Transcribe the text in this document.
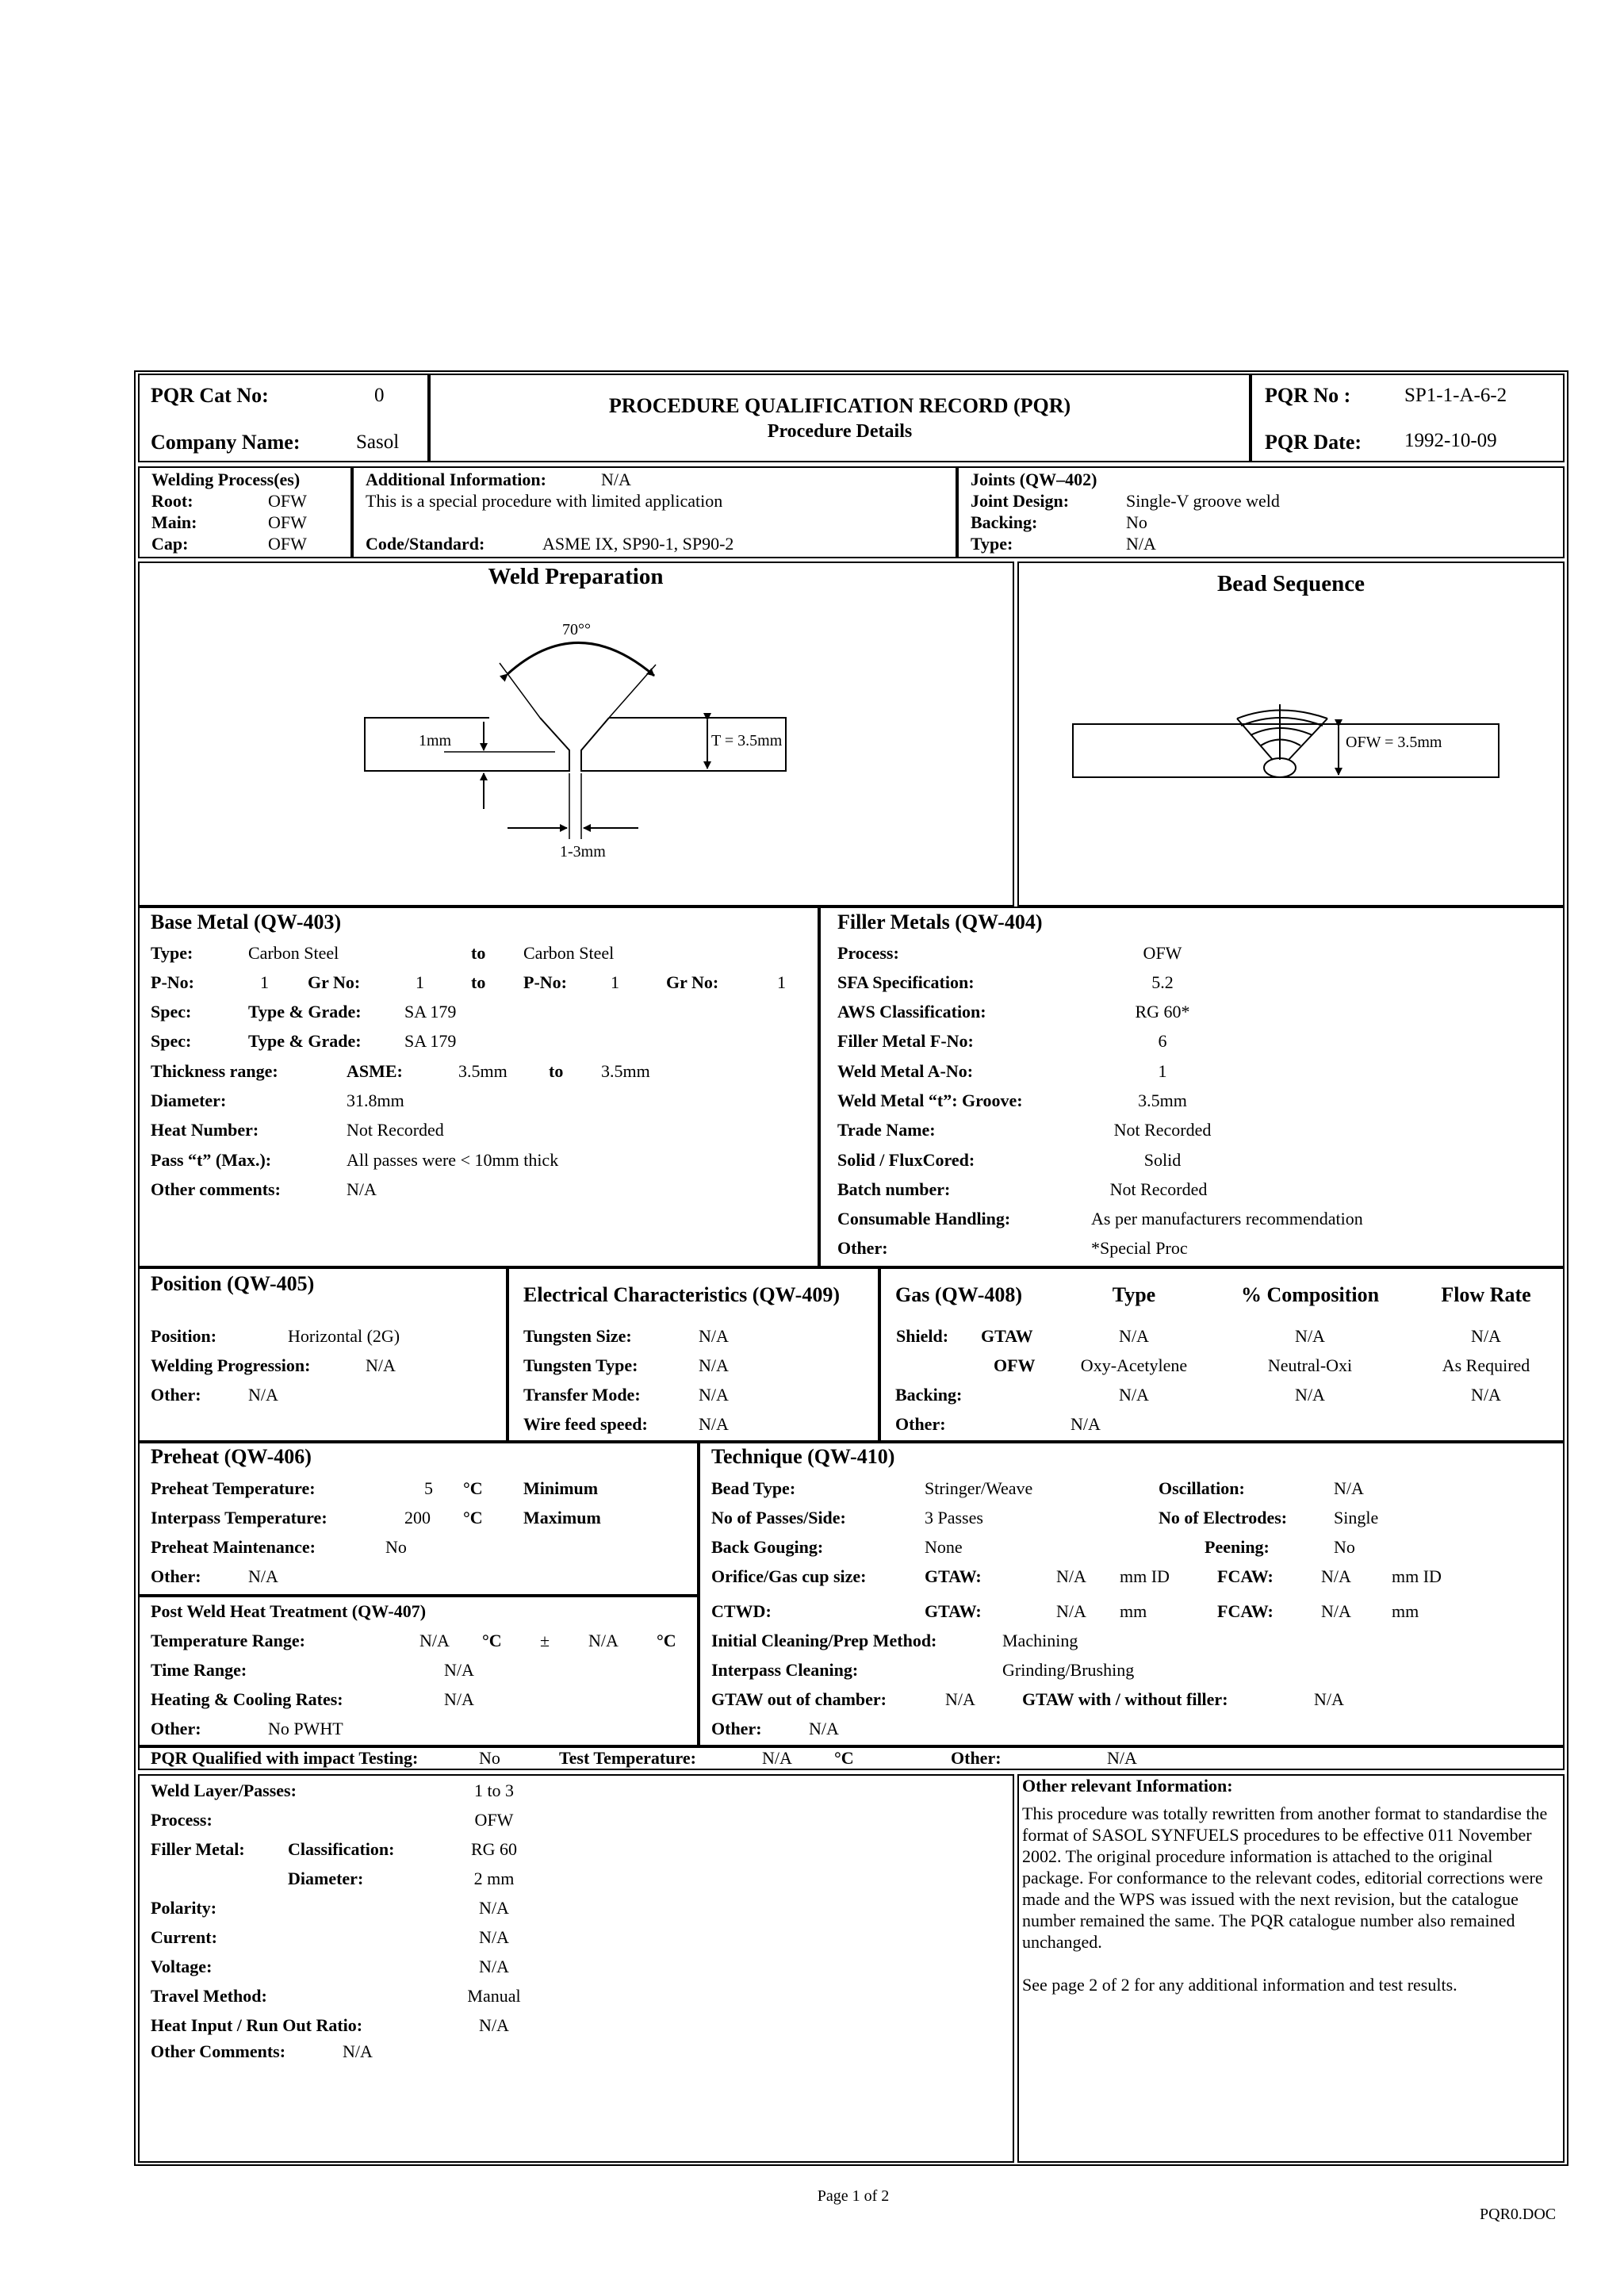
PQR Cat No:	0
Company Name:	Sasol
PROCEDURE QUALIFICATION RECORD (PQR)
Procedure Details
PQR No :	SP1-1-A-6-2
PQR Date: 1992-10-09
Welding Process(es)
Root:	OFW
Main:	OFW
Cap:	OFW
Additional Information:	N/A
This is a special procedure with limited application
Code/Standard:	ASME IX, SP90-1, SP90-2
Joints (QW–402)
Joint Design:	Single-V groove weld
Backing:	No
Type:	N/A
Weld Preparation	Bead Sequence
70°°
1mm	T = 3.5mm
1-3mm
OFW = 3.5mm
Base Metal (QW-403)
Type:	Carbon Steel	to Carbon Steel
P-No:	1 Gr No:	1	to P-No:	1	Gr No:	1
Spec:	Type & Grade: SA 179
Spec:	Type & Grade: SA 179
Thickness range:	ASME:	3.5mm to 3.5mm
Diameter:	31.8mm
Heat Number:	Not Recorded
Pass “t” (Max.):	All passes were < 10mm thick
Other comments:	N/A
Filler Metals (QW-404)
Process:	OFW
SFA Specification:	5.2
AWS Classification:	RG 60*
Filler Metal F-No:	6
Weld Metal A-No:	1
Weld Metal “t”: Groove:	3.5mm
Trade Name:	Not Recorded
Solid / FluxCored:	Solid
Batch number:	Not Recorded
Consumable Handling:	As per manufacturers recommendation
Other:	*Special Proc
Position (QW-405)
Position:	Horizontal (2G)
Welding Progression:	N/A
Other:	N/A
Electrical Characteristics (QW-409)
Tungsten Size:	N/A
Tungsten Type:	N/A
Transfer Mode:	N/A
Wire feed speed:	N/A
Gas (QW-408)	Type	% Composition	Flow Rate
Shield: GTAW	N/A	N/A	N/A
OFW	Oxy-Acetylene	Neutral-Oxi	As Required
Backing:	N/A	N/A	N/A
Other:	N/A
Preheat (QW-406)
Preheat Temperature:	5 °C Minimum
Interpass Temperature:	200 °C Maximum
Preheat Maintenance:	No
Other:	N/A
Post Weld Heat Treatment (QW-407)
Temperature Range:	N/A °C ± N/A °C
Time Range:	N/A
Heating & Cooling Rates:	N/A
Other:	No PWHT
Technique (QW-410)
Bead Type:	Stringer/Weave	Oscillation:	N/A
No of Passes/Side:	3 Passes	No of Electrodes:	Single
Back Gouging:	None	Peening:	No
Orifice/Gas cup size:	GTAW:	N/A mm ID	FCAW:	N/A mm ID
CTWD:	GTAW:	N/A mm	FCAW:	N/A mm
Initial Cleaning/Prep Method:	Machining
Interpass Cleaning:	Grinding/Brushing
GTAW out of chamber:	N/A	GTAW with / without filler:	N/A
Other:	N/A
PQR Qualified with impact Testing:	No	Test Temperature:	N/A °C	Other:	N/A
Weld Layer/Passes:	1 to 3
Process:	OFW
Filler Metal: Classification:	RG 60
Diameter:	2 mm
Polarity:	N/A
Current:	N/A
Voltage:	N/A
Travel Method:	Manual
Heat Input / Run Out Ratio:	N/A
Other Comments:	N/A
Other relevant Information:
This procedure was totally rewritten from another format to standardise the format of SASOL SYNFUELS procedures to be effective 011 November 2002. The original procedure information is attached to the original package. For conformance to the relevant codes, editorial corrections were made and the WPS was issued with the next revision, but the catalogue number remained the same. The PQR catalogue number also remained unchanged.
See page 2 of 2 for any additional information and test results.
Page 1 of 2
PQR0.DOC
